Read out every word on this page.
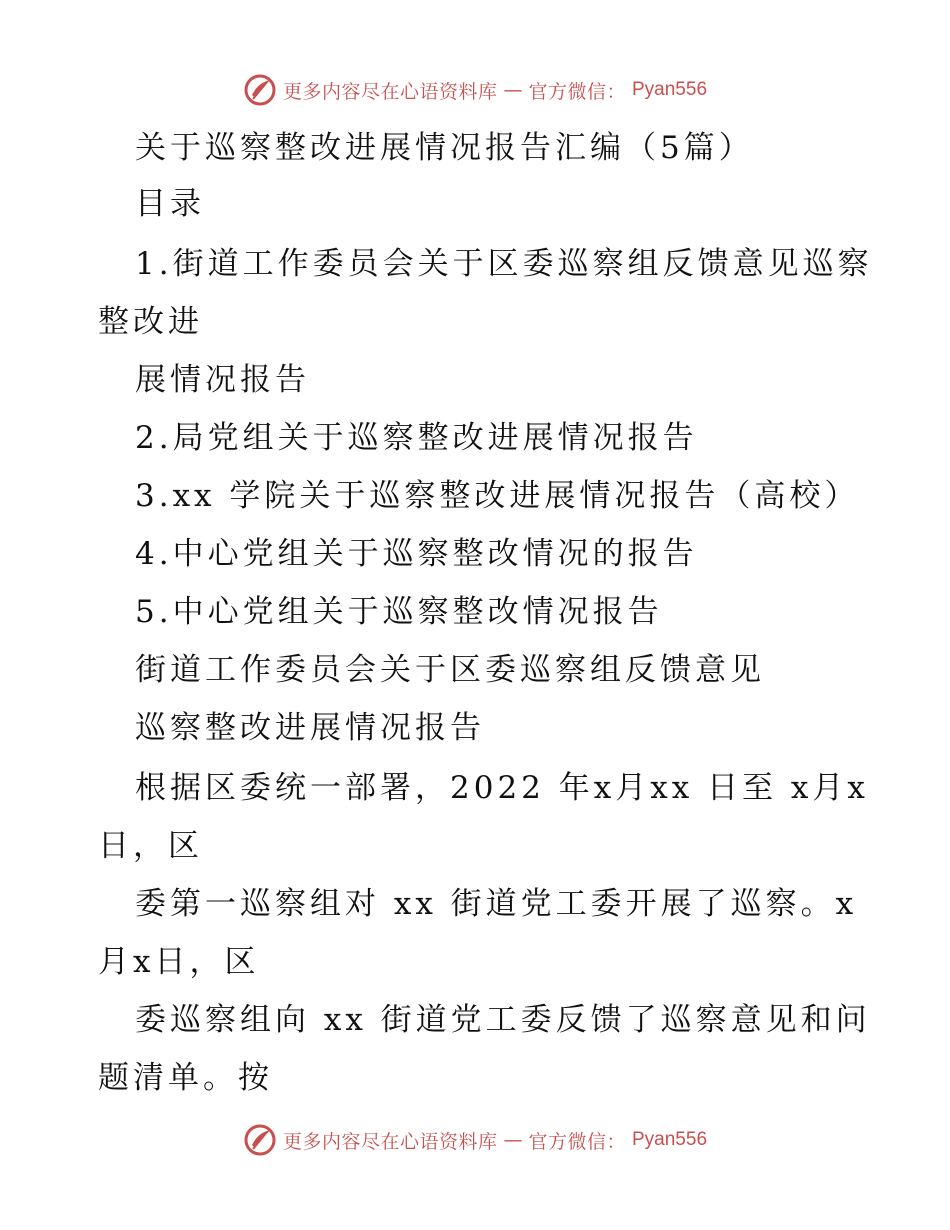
更多内容尽在心语资料库 — 官方微信： Pyan556
关于巡察整改进展情况报告汇编（5篇）
目录
1.街道工作委员会关于区委巡察组反馈意见巡察
整改进
展情况报告
2.局党组关于巡察整改进展情况报告
3.xx 学院关于巡察整改进展情况报告（高校）
4.中心党组关于巡察整改情况的报告
5.中心党组关于巡察整改情况报告
街道工作委员会关于区委巡察组反馈意见
巡察整改进展情况报告
根据区委统一部署，2022 年x月xx 日至 x月x
日，区
委第一巡察组对 xx 街道党工委开展了巡察。x
月x日，区
委巡察组向 xx 街道党工委反馈了巡察意见和问
题清单。按
更多内容尽在心语资料库 — 官方微信： Pyan556
